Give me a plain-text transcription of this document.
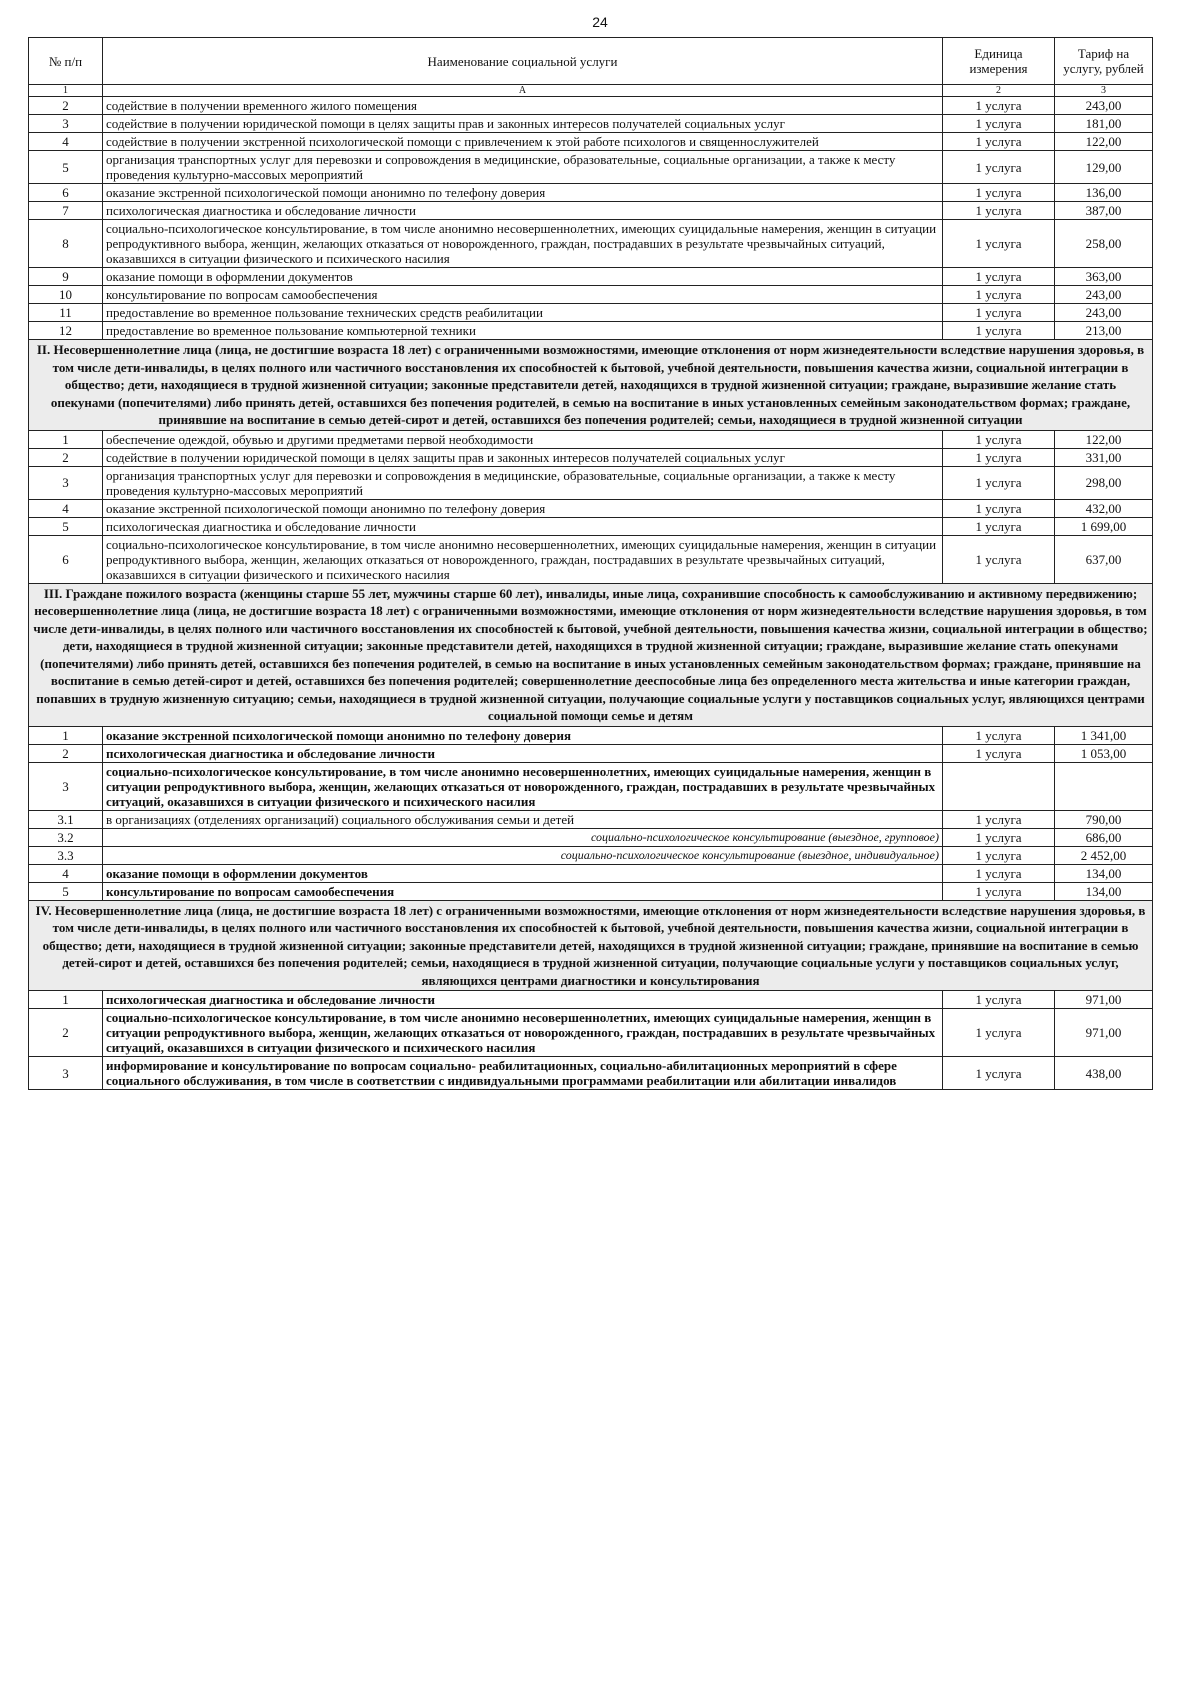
24
№ п/п	Наименование социальной услуги	Единица измерения	Тариф на услугу, рублей
1	А	2	3
2	содействие в получении временного жилого помещения	1 услуга	243,00
3	содействие в получении юридической помощи в целях защиты прав и законных интересов получателей социальных услуг	1 услуга	181,00
4	содействие в получении экстренной психологической помощи с привлечением к этой работе психологов и священнослужителей	1 услуга	122,00
5	организация транспортных услуг для перевозки и сопровождения в медицинские, образовательные, социальные организации, а также к месту проведения культурно-массовых мероприятий	1 услуга	129,00
6	оказание экстренной психологической помощи анонимно по телефону доверия	1 услуга	136,00
7	психологическая диагностика и обследование личности	1 услуга	387,00
8	социально-психологическое консультирование, в том числе анонимно несовершеннолетних, имеющих суицидальные намерения, женщин в ситуации репродуктивного выбора, женщин, желающих отказаться от новорожденного, граждан, пострадавших в результате чрезвычайных ситуаций, оказавшихся в ситуации физического и психического насилия	1 услуга	258,00
9	оказание помощи в оформлении документов	1 услуга	363,00
10	консультирование по вопросам самообеспечения	1 услуга	243,00
11	предоставление во временное пользование технических средств реабилитации	1 услуга	243,00
12	предоставление во временное пользование компьютерной техники	1 услуга	213,00
II. Несовершеннолетние лица (лица, не достигшие возраста 18 лет) с ограниченными возможностями, имеющие отклонения от норм жизнедеятельности вследствие нарушения здоровья, в том числе дети-инвалиды, в целях полного или частичного восстановления их способностей к бытовой, учебной деятельности, повышения качества жизни, социальной интеграции в общество; дети, находящиеся в трудной жизненной ситуации; законные представители детей, находящихся в трудной жизненной ситуации; граждане, выразившие желание стать опекунами (попечителями) либо принять детей, оставшихся без попечения родителей, в семью на воспитание в иных установленных семейным законодательством формах; граждане, принявшие на воспитание в семью детей-сирот и детей, оставшихся без попечения родителей; семьи, находящиеся в трудной жизненной ситуации			
1	обеспечение одеждой, обувью и другими предметами первой необходимости	1 услуга	122,00
2	содействие в получении юридической помощи в целях защиты прав и законных интересов получателей социальных услуг	1 услуга	331,00
3	организация транспортных услуг для перевозки и сопровождения в медицинские, образовательные, социальные организации, а также к месту проведения культурно-массовых мероприятий	1 услуга	298,00
4	оказание экстренной психологической помощи анонимно по телефону доверия	1 услуга	432,00
5	психологическая диагностика и обследование личности	1 услуга	1 699,00
6	социально-психологическое консультирование, в том числе анонимно несовершеннолетних, имеющих суицидальные намерения, женщин в ситуации репродуктивного выбора, женщин, желающих отказаться от новорожденного, граждан, пострадавших в результате чрезвычайных ситуаций, оказавшихся в ситуации физического и психического насилия	1 услуга	637,00
III. Граждане пожилого возраста (женщины старше 55 лет, мужчины старше 60 лет), инвалиды, иные лица, сохранившие способность к самообслуживанию и активному передвижению; несовершеннолетние лица (лица, не достигшие возраста 18 лет) с ограниченными возможностями, имеющие отклонения от норм жизнедеятельности вследствие нарушения здоровья, в том числе дети-инвалиды, в целях полного или частичного восстановления их способностей к бытовой, учебной деятельности, повышения качества жизни, социальной интеграции в общество; дети, находящиеся в трудной жизненной ситуации; законные представители детей, находящихся в трудной жизненной ситуации; граждане, выразившие желание стать опекунами (попечителями) либо принять детей, оставшихся без попечения родителей, в семью на воспитание в иных установленных семейным законодательством формах; граждане, принявшие на воспитание в семью детей-сирот и детей, оставшихся без попечения родителей; совершеннолетние дееспособные лица без определенного места жительства и иные категории граждан, попавших в трудную жизненную ситуацию; семьи, находящиеся в трудной жизненной ситуации, получающие социальные услуги у поставщиков социальных услуг, являющихся центрами социальной помощи семье и детям			
1	оказание экстренной психологической помощи анонимно по телефону доверия	1 услуга	1 341,00
2	психологическая диагностика и обследование личности	1 услуга	1 053,00
3	социально-психологическое консультирование, в том числе анонимно несовершеннолетних, имеющих суицидальные намерения, женщин в ситуации репродуктивного выбора, женщин, желающих отказаться от новорожденного, граждан, пострадавших в результате чрезвычайных ситуаций, оказавшихся в ситуации физического и психического насилия		
3.1	в организациях (отделениях организаций) социального обслуживания семьи и детей	1 услуга	790,00
3.2	социально-психологическое консультирование (выездное, групповое)	1 услуга	686,00
3.3	социально-психологическое консультирование (выездное, индивидуальное)	1 услуга	2 452,00
4	оказание помощи в оформлении документов	1 услуга	134,00
5	консультирование по вопросам самообеспечения	1 услуга	134,00
IV. Несовершеннолетние лица (лица, не достигшие возраста 18 лет) с ограниченными возможностями, имеющие отклонения от норм жизнедеятельности вследствие нарушения здоровья, в том числе дети-инвалиды, в целях полного или частичного восстановления их способностей к бытовой, учебной деятельности, повышения качества жизни, социальной интеграции в общество; дети, находящиеся в трудной жизненной ситуации; законные представители детей, находящихся в трудной жизненной ситуации; граждане, принявшие на воспитание в семью детей-сирот и детей, оставшихся без попечения родителей; семьи, находящиеся в трудной жизненной ситуации, получающие социальные услуги у поставщиков социальных услуг, являющихся центрами диагностики и консультирования			
1	психологическая диагностика и обследование личности	1 услуга	971,00
2	социально-психологическое консультирование, в том числе анонимно несовершеннолетних, имеющих суицидальные намерения, женщин в ситуации репродуктивного выбора, женщин, желающих отказаться от новорожденного, граждан, пострадавших в результате чрезвычайных ситуаций, оказавшихся в ситуации физического и психического насилия	1 услуга	971,00
3	информирование и консультирование по вопросам социально- реабилитационных, социально-абилитационных мероприятий в сфере социального обслуживания, в том числе в соответствии с индивидуальными программами реабилитации или абилитации инвалидов	1 услуга	438,00
